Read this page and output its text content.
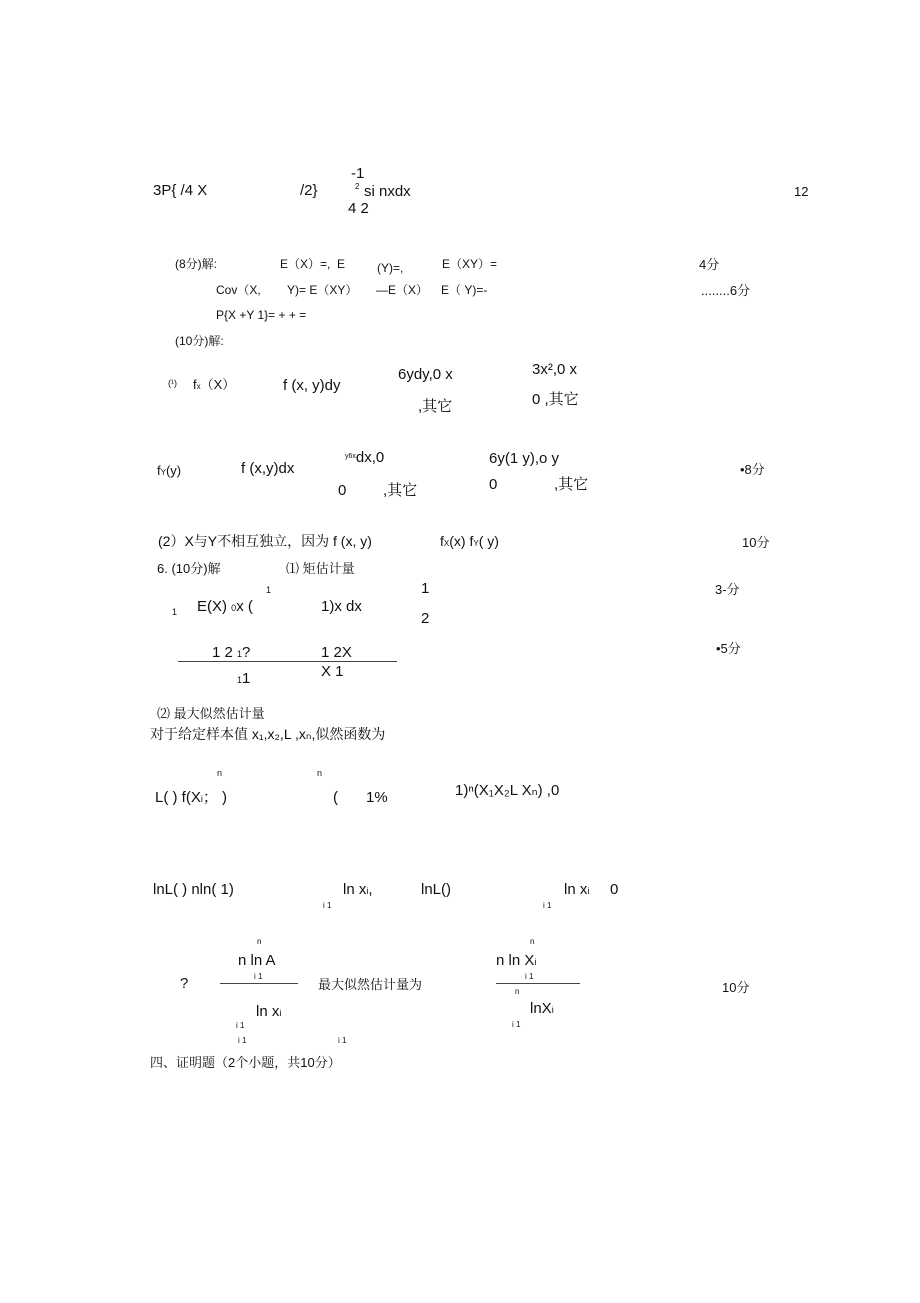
3P{ /4 X	/2}
-1
2 si nxdx
4 2
12
(8分)解:	E（X）=, E	(Y)=,	E（XY）=	4分
Cov（X, Y)= E（XY） —E（X） E（ Y)=-	........6分
P{X +Y 1}= + + =
(10分)解:
(¹) fx（X）	f (x, y)dy
6ydy,0 x
,其它
3x²,0 x
0 ,其它
fY(y)	f (x,y)dx
$^{y6x}$dx,0
0 ,其它
6y(1 y),o y
0	,其它
•8分
(2）X与Y不相互独立，因为 f (x, y)	fX(x) fY( y)	10分
6. (10分)解	⑴ 矩估计量
1
1 E(X) 0x (	1)x dx
1
2
3-分
1 2 1?	1 2X
11	X 1
•5分
⑵ 最大似然估计量
对于给定样本值 x₁,x₂,L ,xₙ,似然函数为
n	n
L( ) f(Xi； )	( 1%	1)ⁿ(X₁X₂L Xₙ) ,0
lnL( ) nln( 1)	ln xi,
i 1
lnL()	ln xi 0
i 1
?
n
n ln A
i 1
ln xi
i 1
i 1
最大似然估计量为
n
n ln Xi
i 1
n
lnXi
i 1
i 1
10分
四、证明题（2个小题，共10分）
